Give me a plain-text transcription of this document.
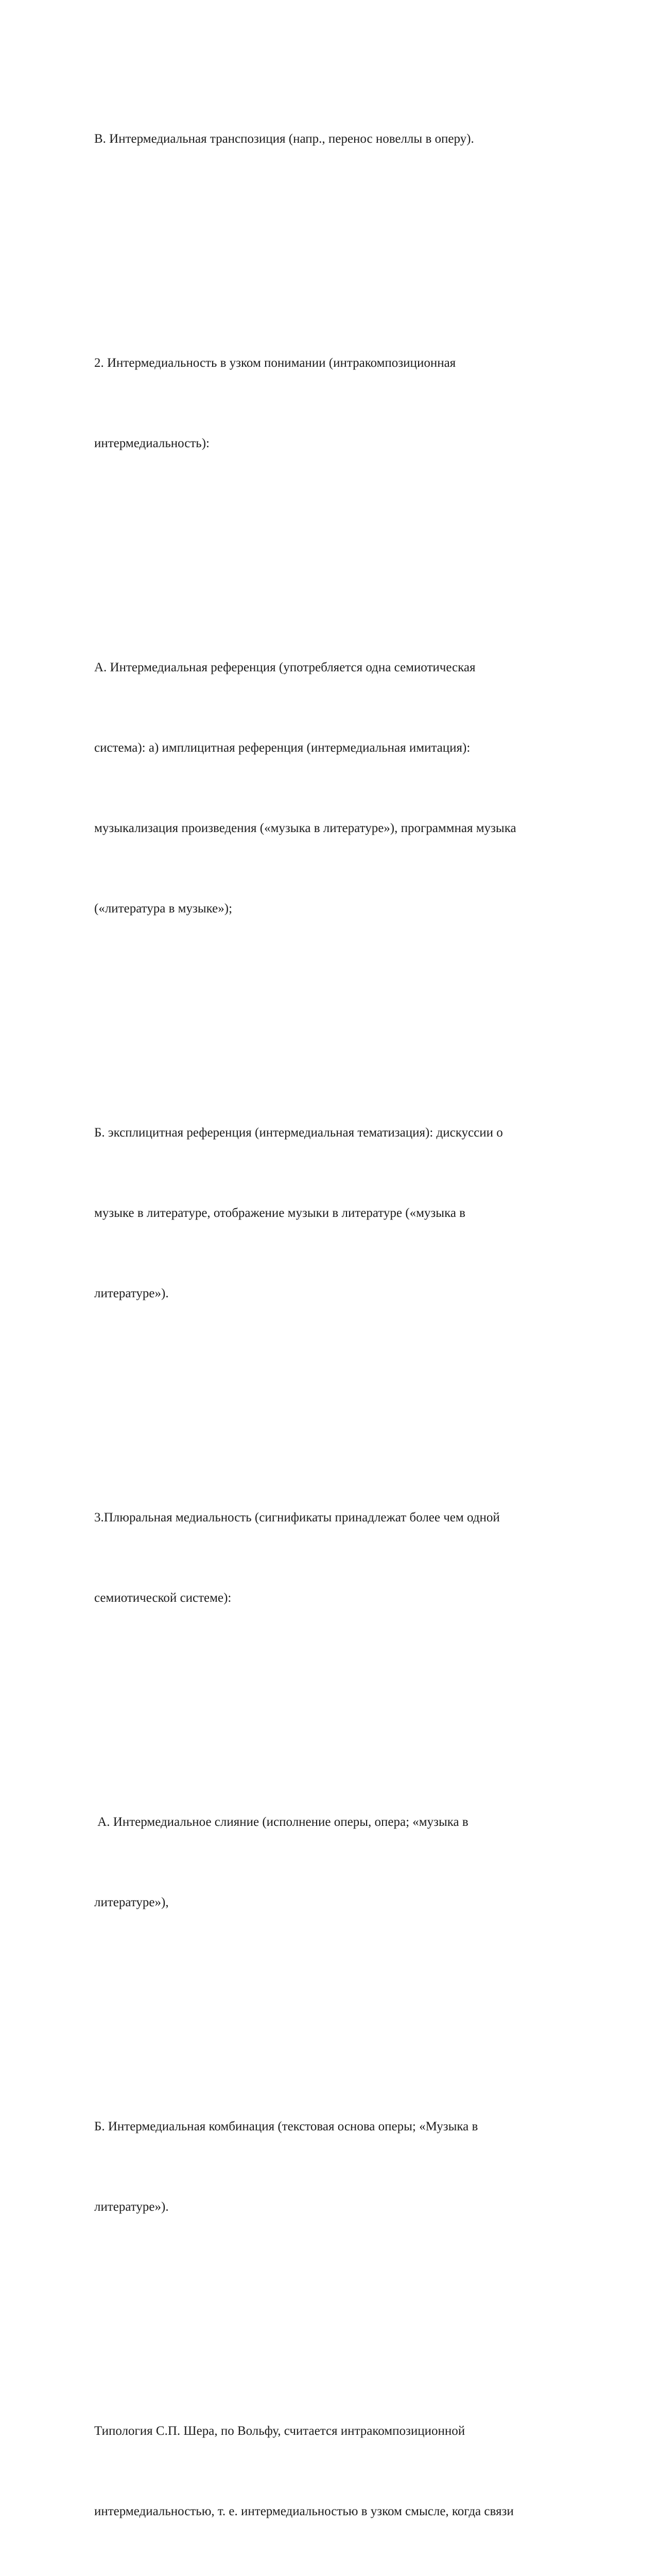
В. Интермедиальная транспозиция (напр., перенос новеллы в оперу).

2. Интермедиальность в узком понимании (интракомпозиционная

интермедиальность):

А. Интермедиальная референция (употребляется одна семиотическая

система): а) имплицитная референция (интермедиальная имитация):

музыкализация произведения («музыка в литературе»), программная музыка

(«литература в музыке»);

Б. эксплицитная референция (интермедиальная тематизация): дискуссии о

музыке в литературе, отображение музыки в литературе («музыка в

литературе»).

3.Плюральная медиальность (сигнификаты принадлежат более чем одной

семиотической системе):

А. Интермедиальное слияние (исполнение оперы, опера; «музыка в

литературе»),

Б. Интермедиальная комбинация (текстовая основа оперы; «Музыка в

литературе»).

Типология С.П. Шера, по Вольфу, считается интракомпозиционной

интермедиальностью, т. е. интермедиальностью в узком смысле, когда связи
